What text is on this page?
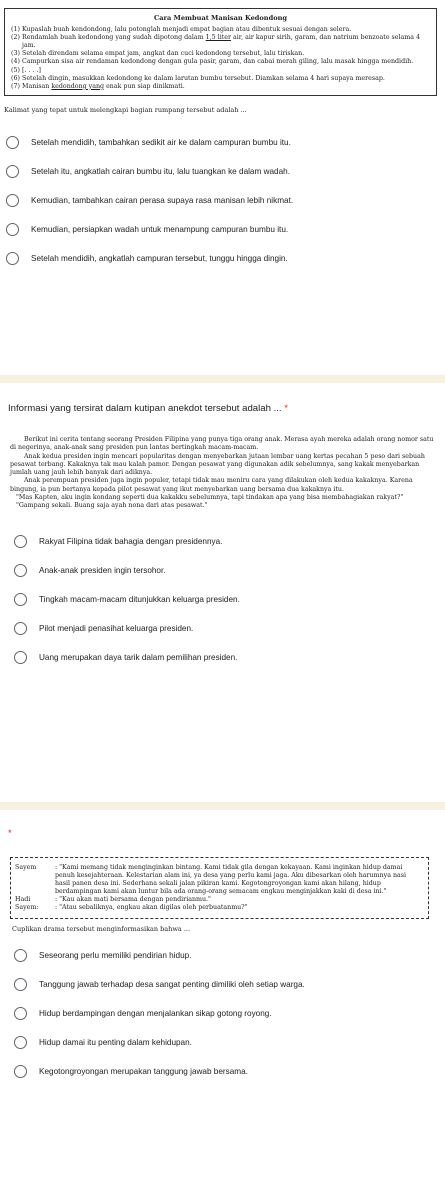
Cara Membuat Manisan Kedondong
(1) Kupaslah buah kendondong, lalu potonglah menjadi empat bagian atau dibentuk sesuai dengan selera.
(2) Rendamlah buah kedondong yang sudah dipotong dalam 1,5 liter air, air kapur sirih, garam, dan natrium benzoate selama 4 jam.
(3) Setelah direndam selama empat jam, angkat dan cuci kedondong tersebut, lalu tiriskan.
(4) Campurkan sisa air rendaman kedondong dengan gula pasir, garam, dan cabai merah giling, lalu masak hingga mendidih.
(5) [. . . .]
(6) Setelah dingin, masukkan kedondong ke dalam larutan bumbu tersebut. Diamkan selama 4 hari supaya meresap.
(7) Manisan kedondong yang enak pun siap dinikmati.
Kalimat yang tepat untuk melengkapi bagian rumpang tersebut adalah ...
Setelah mendidih, tambahkan sedikit air ke dalam campuran bumbu itu.
Setelah itu, angkatlah cairan bumbu itu, lalu tuangkan ke dalam wadah.
Kemudian, tambahkan cairan perasa supaya rasa manisan lebih nikmat.
Kemudian, persiapkan wadah untuk menampung campuran bumbu itu.
Setelah mendidih, angkatlah campuran tersebut, tunggu hingga dingin.
Informasi yang tersirat dalam kutipan anekdot tersebut adalah ... *

Berikut ini cerita tentang seorang Presiden Filipina yang punya tiga orang anak. Merasa ayah mereka adalah orang nomor satu di negerinya, anak-anak sang presiden pun lantas bertingkah macam-macam.

Anak kedua presiden ingin mencari popularitas dengan menyebarkan jutaan lembar uang kertas pecahan 5 peso dari sebuah pesawat terbang. Kakaknya tak mau kalah pamor. Dengan pesawat yang digunakan adik sebelumnya, sang kakak menyebarkan jumlah uang jauh lebih banyak dari adiknya.

Anak perempuan presiden juga ingin populer, tetapi tidak mau meniru cara yang dilakukan oleh kedua kakaknya. Karena bingung, ia pun bertanya kepada pilot pesawat yang ikut menyebarkan uang bersama dua kakaknya itu.

"Mas Kapten, aku ingin kondang seperti dua kakakku sebelumnya, tapi tindakan apa yang bisa membahagiakan rakyat?"

"Gampang sekali. Buang saja ayah nona dari atas pesawat."

Rakyat Filipina tidak bahagia dengan presidennya.
Anak-anak presiden ingin tersohor.
Tingkah macam-macam ditunjukkan keluarga presiden.
Pilot menjadi penasihat keluarga presiden.
Uang merupakan daya tarik dalam pemilihan presiden.
*
Sayem	: "Kami memang tidak menginginkan bintang. Kami tidak gila dengan kekayaan. Kami inginkan hidup damai penuh kesejahteraan. Kelestarian alam ini, ya desa yang perlu kami jaga. Aku dibesarkan oleh harumnya nasi hasil panen desa ini. Sederhana sekali jalan pikiran kami. Kegotongroyongan kami akan hilang, hidup berdampingan kami akan luntur bila ada orang-orang semacam engkau menginjakkan kaki di desa ini."
Hadi	: "Kau akan mati bersama dengan pendirianmu."
Sayem:	: "Atau sebaliknya, engkau akan digilas oleh perbuatanmu?"
Cuplikan drama tersebut menginformasikan bahwa ...
Seseorang perlu memiliki pendirian hidup.
Tanggung jawab terhadap desa sangat penting dimiliki oleh setiap warga.
Hidup berdampingan dengan menjalankan sikap gotong royong.
Hidup damai itu penting dalam kehidupan.
Kegotongroyongan merupakan tanggung jawab bersama.
